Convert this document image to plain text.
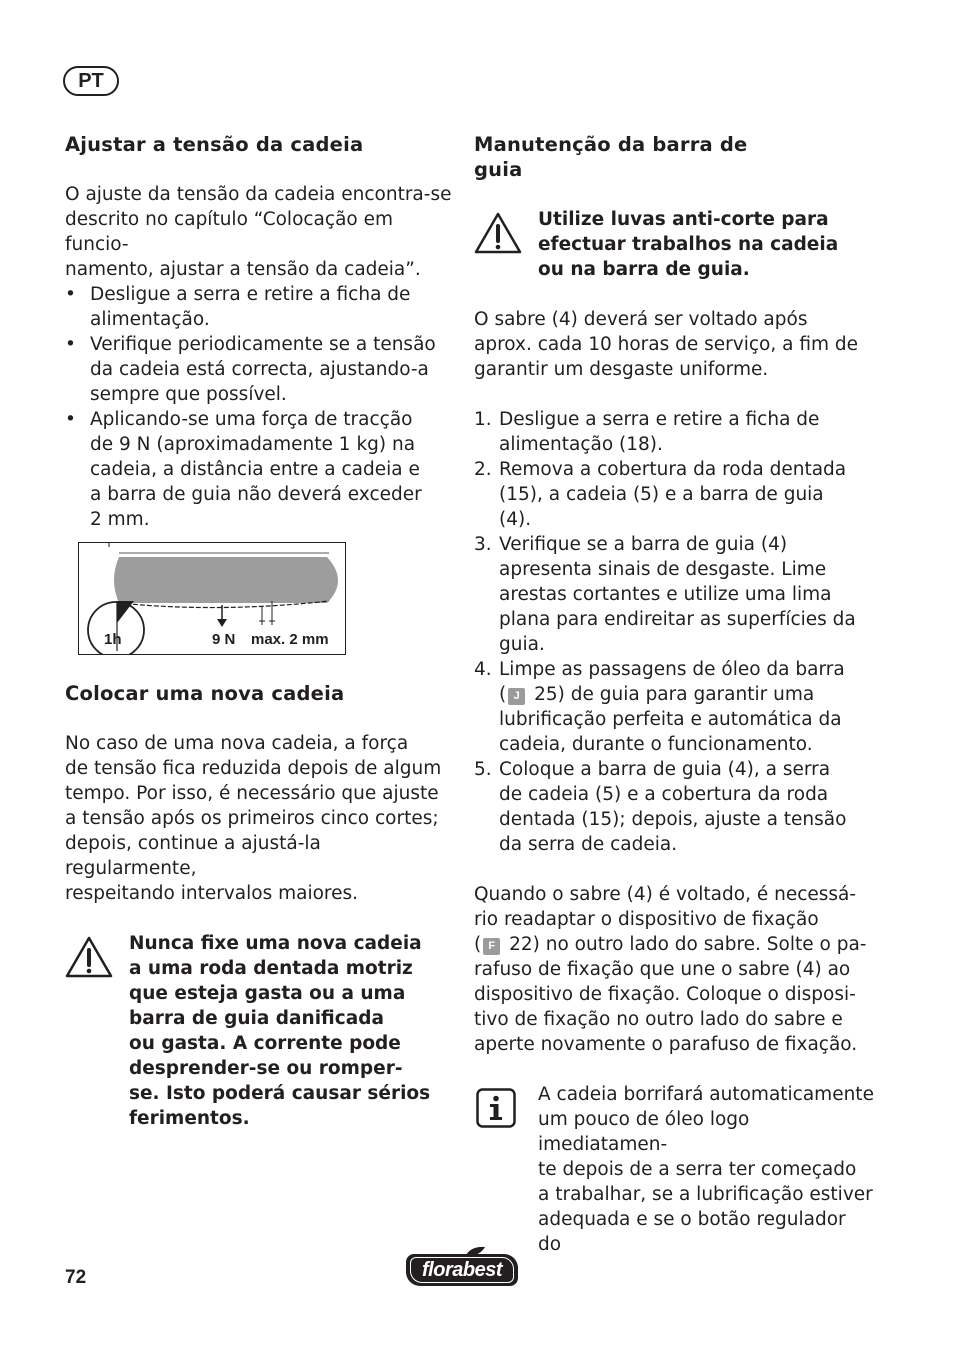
PT
Ajustar a tensão da cadeia

O ajuste da tensão da cadeia encontra-se
descrito no capítulo “Colocação em funcio-
namento, ajustar a tensão da cadeia”.

• Desligue a serra e retire a ficha de
alimentação.
• Verifique periodicamente se a tensão
da cadeia está correcta, ajustando-a
sempre que possível.
• Aplicando-se uma força de tracção
de 9 N (aproximadamente 1 kg) na
cadeia, a distância entre a cadeia e
a barra de guia não deverá exceder
2 mm.
1h	9 N max. 2 mm
Colocar uma nova cadeia

No caso de uma nova cadeia, a força
de tensão fica reduzida depois de algum
tempo. Por isso, é necessário que ajuste
a tensão após os primeiros cinco cortes;
depois, continue a ajustá-la regularmente,
respeitando intervalos maiores.

Nunca fixe uma nova cadeia
a uma roda dentada motriz
que esteja gasta ou a uma
barra de guia danificada
ou gasta. A corrente pode
desprender-se ou romper-
se. Isto poderá causar sérios
ferimentos.
Manutenção da barra de
guia
Utilize luvas anti-corte para
efectuar trabalhos na cadeia
ou na barra de guia.

O sabre (4) deverá ser voltado após
aprox. cada 10 horas de serviço, a fim de
garantir um desgaste uniforme.

1. Desligue a serra e retire a ficha de
alimentação (18).
2. Remova a cobertura da roda dentada
(15), a cadeia (5) e a barra de guia
(4).
3. Verifique se a barra de guia (4)
apresenta sinais de desgaste. Lime
arestas cortantes e utilize uma lima
plana para endireitar as superfícies da
guia.
4. Limpe as passagens de óleo da barra
( J 25) de guia para garantir uma
lubrificação perfeita e automática da
cadeia, durante o funcionamento.
5. Coloque a barra de guia (4), a serra
de cadeia (5) e a cobertura da roda
dentada (15); depois, ajuste a tensão
da serra de cadeia.

Quando o sabre (4) é voltado, é necessá-
rio readaptar o dispositivo de fixação
( F 22) no outro lado do sabre. Solte o pa-
rafuso de fixação que une o sabre (4) ao
dispositivo de fixação. Coloque o disposi-
tivo de fixação no outro lado do sabre e
aperte novamente o parafuso de fixação.

A cadeia borrifará automaticamente
um pouco de óleo logo imediatamen-
te depois de a serra ter começado
a trabalhar, se a lubrificação estiver
adequada e se o botão regulador do
72	florabest
